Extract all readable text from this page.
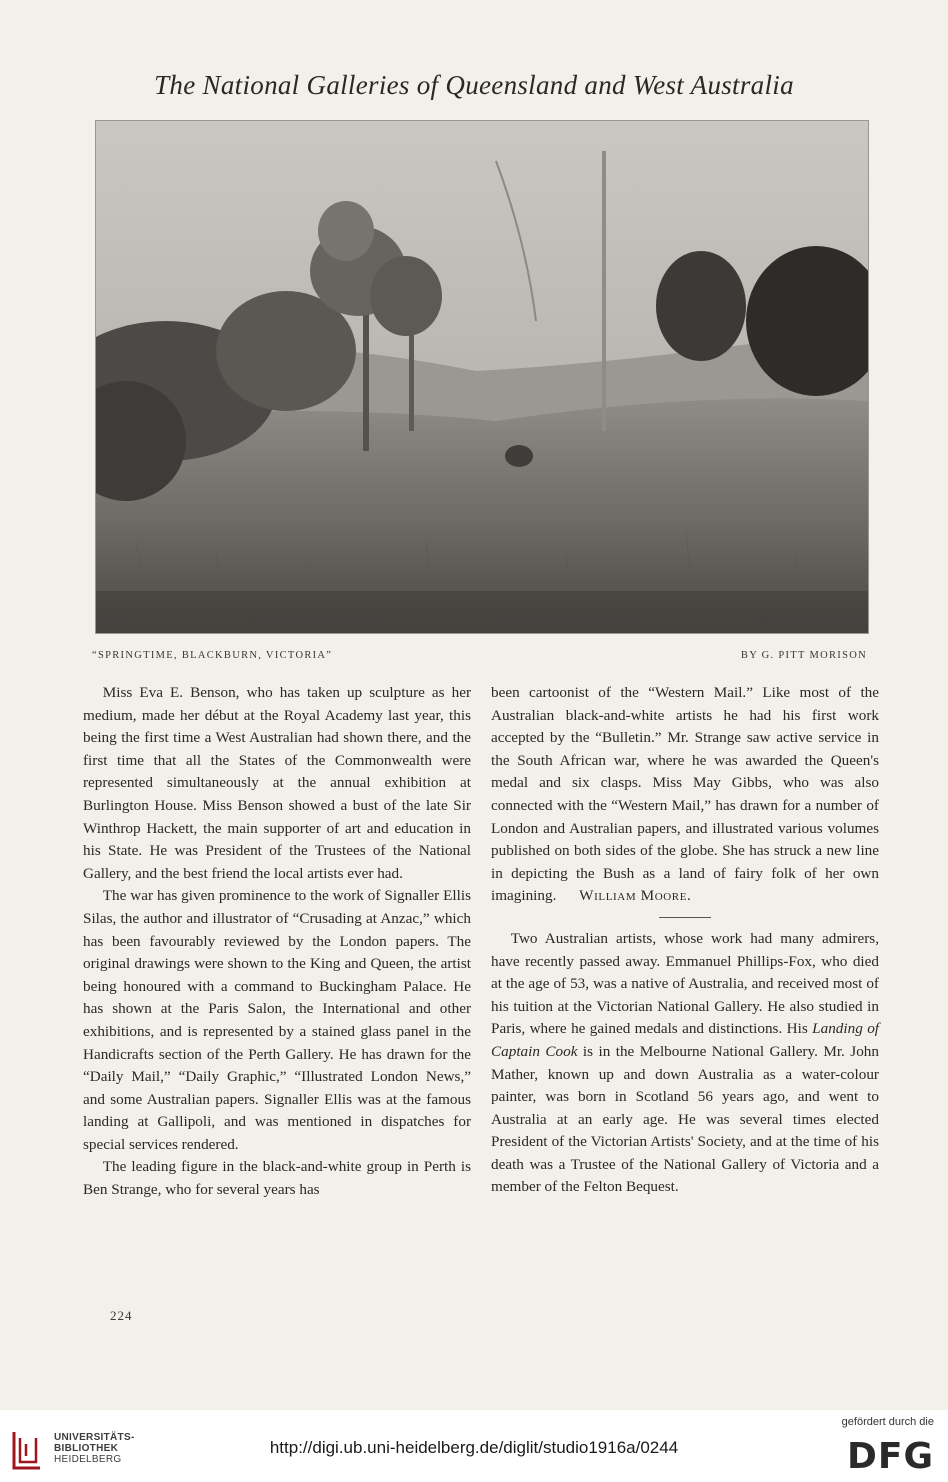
The National Galleries of Queensland and West Australia
“SPRINGTIME, BLACKBURN, VICTORIA”	BY G. PITT MORISON

Miss Eva E. Benson, who has taken up sculpture as her medium, made her début at the Royal Academy last year, this being the first time a West Australian had shown there, and the first time that all the States of the Commonwealth were represented simultaneously at the annual exhibition at Burlington House. Miss Benson showed a bust of the late Sir Winthrop Hackett, the main supporter of art and education in his State. He was President of the Trustees of the National Gallery, and the best friend the local artists ever had.

The war has given prominence to the work of Signaller Ellis Silas, the author and illustrator of “Crusading at Anzac,” which has been favourably reviewed by the London papers. The original drawings were shown to the King and Queen, the artist being honoured with a command to Buckingham Palace. He has shown at the Paris Salon, the International and other exhibitions, and is represented by a stained glass panel in the Handicrafts section of the Perth Gallery. He has drawn for the “Daily Mail,” “Daily Graphic,” “Illustrated London News,” and some Australian papers. Signaller Ellis was at the famous landing at Gallipoli, and was mentioned in dispatches for special services rendered.

The leading figure in the black-and-white group in Perth is Ben Strange, who for several years has

been cartoonist of the “Western Mail.” Like most of the Australian black-and-white artists he had his first work accepted by the “Bulletin.” Mr. Strange saw active service in the South African war, where he was awarded the Queen's medal and six clasps. Miss May Gibbs, who was also connected with the “Western Mail,” has drawn for a number of London and Australian papers, and illustrated various volumes published on both sides of the globe. She has struck a new line in depicting the Bush as a land of fairy folk of her own imagining. William Moore.

Two Australian artists, whose work had many admirers, have recently passed away. Emmanuel Phillips-Fox, who died at the age of 53, was a native of Australia, and received most of his tuition at the Victorian National Gallery. He also studied in Paris, where he gained medals and distinctions. His Landing of Captain Cook is in the Melbourne National Gallery. Mr. John Mather, known up and down Australia as a water-colour painter, was born in Scotland 56 years ago, and went to Australia at an early age. He was several times elected President of the Victorian Artists' Society, and at the time of his death was a Trustee of the National Gallery of Victoria and a member of the Felton Bequest.

224
UNIVERSITÄTS-
BIBLIOTHEK
HEIDELBERG
http://digi.ub.uni-heidelberg.de/diglit/studio1916a/0244
gefördert durch die
DFG
